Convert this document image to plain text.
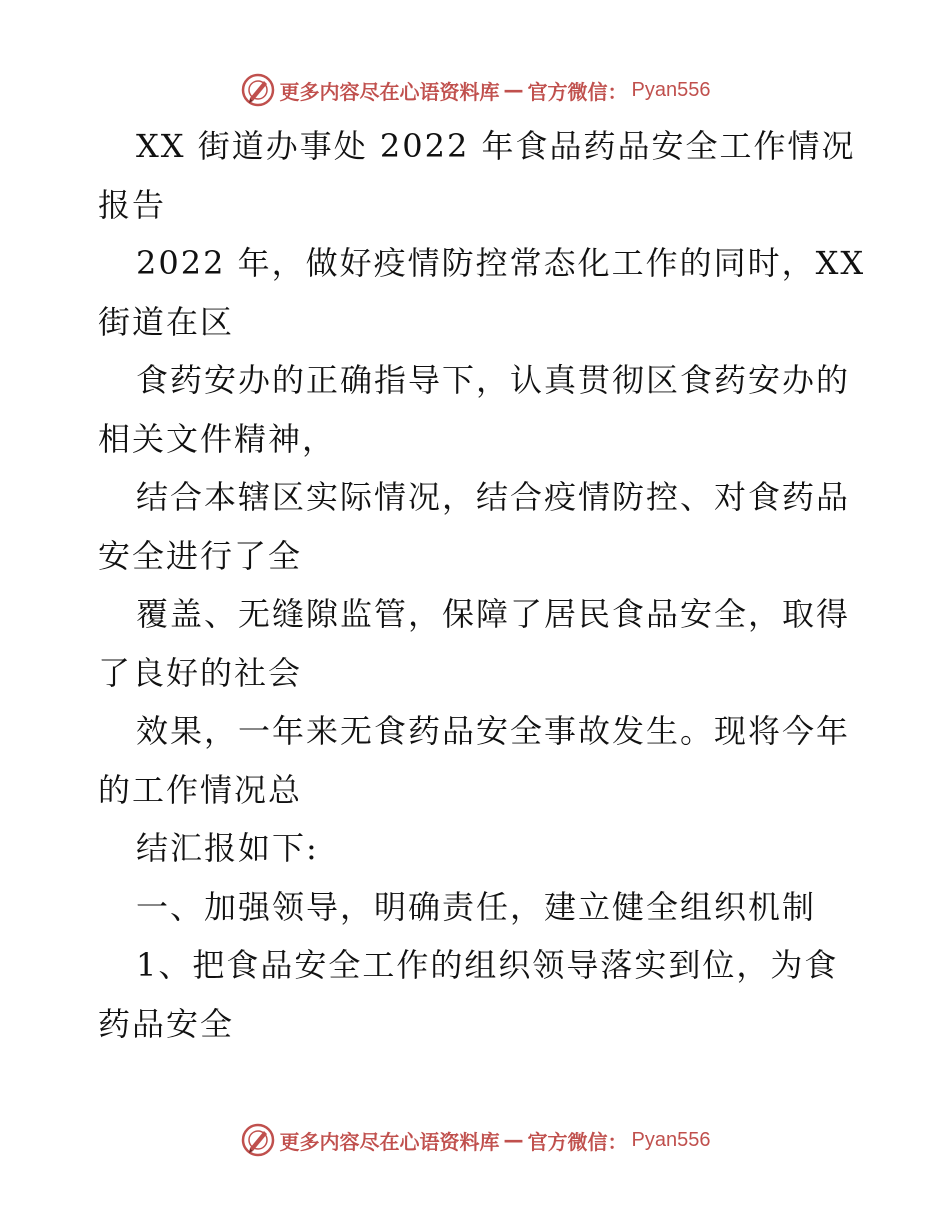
更多内容尽在心语资料库 — 官方微信： Pyan556
XX 街道办事处 2022 年食品药品安全工作情况
报告
2022 年，做好疫情防控常态化工作的同时，XX
街道在区
食药安办的正确指导下，认真贯彻区食药安办的
相关文件精神，
结合本辖区实际情况，结合疫情防控、对食药品
安全进行了全
覆盖、无缝隙监管，保障了居民食品安全，取得
了良好的社会
效果，一年来无食药品安全事故发生。现将今年
的工作情况总
结汇报如下:
一、加强领导，明确责任，建立健全组织机制
1、把食品安全工作的组织领导落实到位，为食
药品安全
更多内容尽在心语资料库 — 官方微信： Pyan556
